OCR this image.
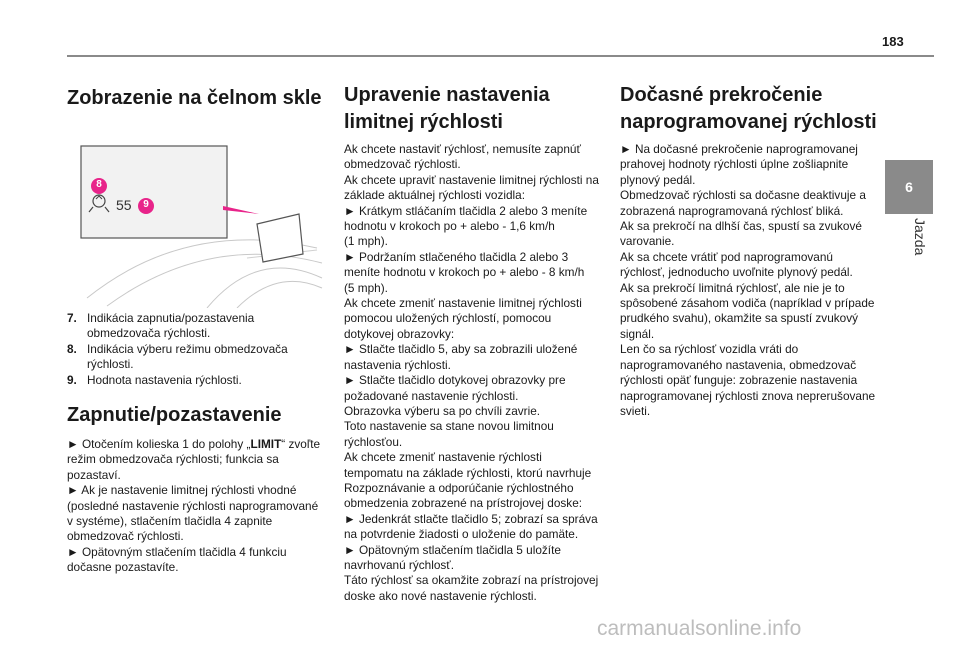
183
6
Jazda
Zobrazenie na čelnom skle
8
9
55
7. Indikácia zapnutia/pozastavenia obmedzovača rýchlosti.
8. Indikácia výberu režimu obmedzovača rýchlosti.
9. Hodnota nastavenia rýchlosti.
Zapnutie/pozastavenie

► Otočením kolieska 1 do polohy „LIMIT“ zvoľte režim obmedzovača rýchlosti; funkcia sa pozastaví.

► Ak je nastavenie limitnej rýchlosti vhodné (posledné nastavenie rýchlosti naprogramované v systéme), stlačením tlačidla 4 zapnite obmedzovač rýchlosti.

► Opätovným stlačením tlačidla 4 funkciu dočasne pozastavíte.

Upravenie nastavenia
limitnej rýchlosti

Ak chcete nastaviť rýchlosť, nemusíte zapnúť

obmedzovač rýchlosti.

Ak chcete upraviť nastavenie limitnej rýchlosti na

základe aktuálnej rýchlosti vozidla:

► Krátkym stláčaním tlačidla 2 alebo 3 meníte

hodnotu v krokoch po + alebo - 1,6 km/h

(1 mph).

► Podržaním stlačeného tlačidla 2 alebo 3

meníte hodnotu v krokoch po + alebo - 8 km/h

(5 mph).

Ak chcete zmeniť nastavenie limitnej rýchlosti

pomocou uložených rýchlostí, pomocou

dotykovej obrazovky:

► Stlačte tlačidlo 5, aby sa zobrazili uložené

nastavenia rýchlosti.

► Stlačte tlačidlo dotykovej obrazovky pre

požadované nastavenie rýchlosti.

Obrazovka výberu sa po chvíli zavrie.

Toto nastavenie sa stane novou limitnou

rýchlosťou.

Ak chcete zmeniť nastavenie rýchlosti

tempomatu na základe rýchlosti, ktorú navrhuje

Rozpoznávanie a odporúčanie rýchlostného

obmedzenia zobrazené na prístrojovej doske:

► Jedenkrát stlačte tlačidlo 5; zobrazí sa správa

na potvrdenie žiadosti o uloženie do pamäte.

► Opätovným stlačením tlačidla 5 uložíte

navrhovanú rýchlosť.

Táto rýchlosť sa okamžite zobrazí na prístrojovej

doske ako nové nastavenie rýchlosti.

Dočasné prekročenie
naprogramovanej rýchlosti

► Na dočasné prekročenie naprogramovanej

prahovej hodnoty rýchlosti úplne zošliapnite

plynový pedál.

Obmedzovač rýchlosti sa dočasne deaktivuje a

zobrazená naprogramovaná rýchlosť bliká.

Ak sa prekročí na dlhší čas, spustí sa zvukové

varovanie.

Ak sa chcete vrátiť pod naprogramovanú

rýchlosť, jednoducho uvoľnite plynový pedál.

Ak sa prekročí limitná rýchlosť, ale nie je to

spôsobené zásahom vodiča (napríklad v prípade

prudkého svahu), okamžite sa spustí zvukový

signál.

Len čo sa rýchlosť vozidla vráti do

naprogramovaného nastavenia, obmedzovač

rýchlosti opäť funguje: zobrazenie nastavenia

naprogramovanej rýchlosti znova neprerušovane

svieti.

carmanualsonline.info
